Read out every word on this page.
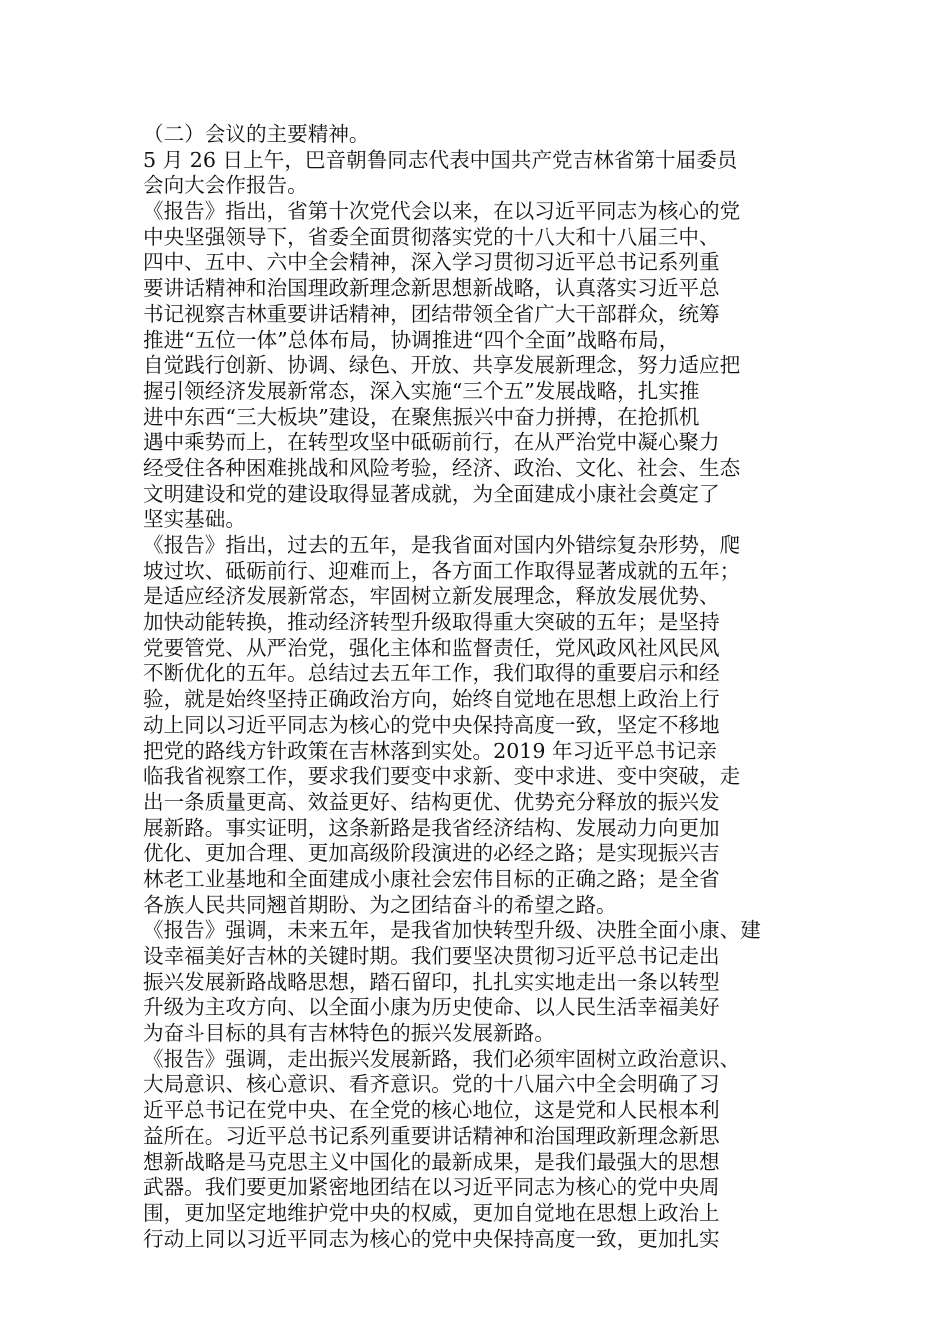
（二）会议的主要精神。
5 月 26 日上午，巴音朝鲁同志代表中国共产党吉林省第十届委员
会向大会作报告。
《报告》指出，省第十次党代会以来，在以习近平同志为核心的党
中央坚强领导下，省委全面贯彻落实党的十八大和十八届三中、
四中、五中、六中全会精神，深入学习贯彻习近平总书记系列重
要讲话精神和治国理政新理念新思想新战略，认真落实习近平总
书记视察吉林重要讲话精神，团结带领全省广大干部群众，统筹
推进“五位一体”总体布局，协调推进“四个全面”战略布局，
自觉践行创新、协调、绿色、开放、共享发展新理念，努力适应把
握引领经济发展新常态，深入实施“三个五”发展战略，扎实推
进中东西“三大板块”建设，在聚焦振兴中奋力拼搏，在抢抓机
遇中乘势而上，在转型攻坚中砥砺前行，在从严治党中凝心聚力
经受住各种困难挑战和风险考验，经济、政治、文化、社会、生态
文明建设和党的建设取得显著成就，为全面建成小康社会奠定了
坚实基础。
《报告》指出，过去的五年，是我省面对国内外错综复杂形势，爬
坡过坎、砥砺前行、迎难而上，各方面工作取得显著成就的五年；
是适应经济发展新常态，牢固树立新发展理念，释放发展优势、
加快动能转换，推动经济转型升级取得重大突破的五年；是坚持
党要管党、从严治党，强化主体和监督责任，党风政风社风民风
不断优化的五年。总结过去五年工作，我们取得的重要启示和经
验，就是始终坚持正确政治方向，始终自觉地在思想上政治上行
动上同以习近平同志为核心的党中央保持高度一致，坚定不移地
把党的路线方针政策在吉林落到实处。2019 年习近平总书记亲
临我省视察工作，要求我们要变中求新、变中求进、变中突破，走
出一条质量更高、效益更好、结构更优、优势充分释放的振兴发
展新路。事实证明，这条新路是我省经济结构、发展动力向更加
优化、更加合理、更加高级阶段演进的必经之路；是实现振兴吉
林老工业基地和全面建成小康社会宏伟目标的正确之路；是全省
各族人民共同翘首期盼、为之团结奋斗的希望之路。
《报告》强调，未来五年，是我省加快转型升级、决胜全面小康、建
设幸福美好吉林的关键时期。我们要坚决贯彻习近平总书记走出
振兴发展新路战略思想，踏石留印，扎扎实实地走出一条以转型
升级为主攻方向、以全面小康为历史使命、以人民生活幸福美好
为奋斗目标的具有吉林特色的振兴发展新路。
《报告》强调，走出振兴发展新路，我们必须牢固树立政治意识、
大局意识、核心意识、看齐意识。党的十八届六中全会明确了习
近平总书记在党中央、在全党的核心地位，这是党和人民根本利
益所在。习近平总书记系列重要讲话精神和治国理政新理念新思
想新战略是马克思主义中国化的最新成果，是我们最强大的思想
武器。我们要更加紧密地团结在以习近平同志为核心的党中央周
围，更加坚定地维护党中央的权威，更加自觉地在思想上政治上
行动上同以习近平同志为核心的党中央保持高度一致，更加扎实
